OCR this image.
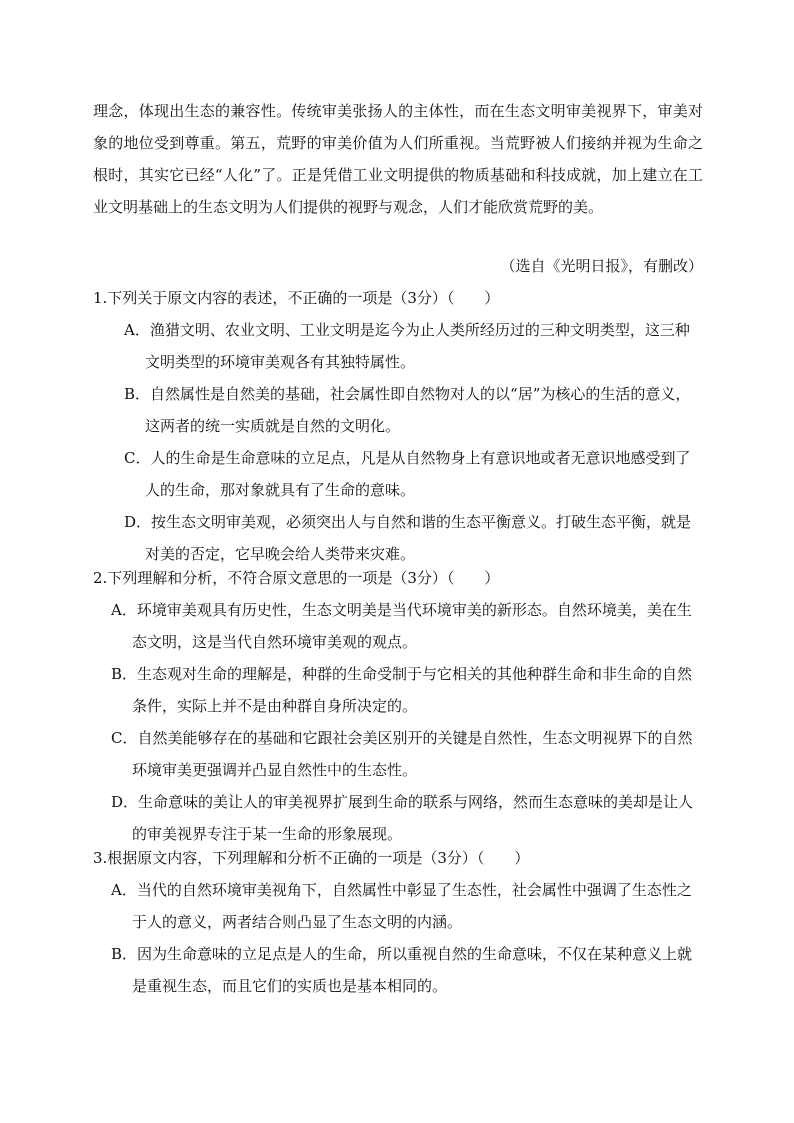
理念，体现出生态的兼容性。传统审美张扬人的主体性，而在生态文明审美视界下，审美对象的地位受到尊重。第五，荒野的审美价值为人们所重视。当荒野被人们接纳并视为生命之根时，其实它已经“人化”了。正是凭借工业文明提供的物质基础和科技成就，加上建立在工业文明基础上的生态文明为人们提供的视野与观念，人们才能欣赏荒野的美。

（选自《光明日报》，有删改）

1.下列关于原文内容的表述，不正确的一项是（3分）（　　）

A．渔猎文明、农业文明、工业文明是迄今为止人类所经历过的三种文明类型，这三种文明类型的环境审美观各有其独特属性。

B．自然属性是自然美的基础，社会属性即自然物对人的以“居”为核心的生活的意义，这两者的统一实质就是自然的文明化。

C．人的生命是生命意味的立足点，凡是从自然物身上有意识地或者无意识地感受到了人的生命，那对象就具有了生命的意味。

D．按生态文明审美观，必须突出人与自然和谐的生态平衡意义。打破生态平衡，就是对美的否定，它早晚会给人类带来灾难。

2.下列理解和分析，不符合原文意思的一项是（3分）（　　）

A．环境审美观具有历史性，生态文明美是当代环境审美的新形态。自然环境美，美在生态文明，这是当代自然环境审美观的观点。

B．生态观对生命的理解是，种群的生命受制于与它相关的其他种群生命和非生命的自然条件，实际上并不是由种群自身所决定的。

C．自然美能够存在的基础和它跟社会美区别开的关键是自然性，生态文明视界下的自然环境审美更强调并凸显自然性中的生态性。

D．生命意味的美让人的审美视界扩展到生命的联系与网络，然而生态意味的美却是让人的审美视界专注于某一生命的形象展现。

3.根据原文内容，下列理解和分析不正确的一项是（3分）（　　）

A．当代的自然环境审美视角下，自然属性中彰显了生态性，社会属性中强调了生态性之于人的意义，两者结合则凸显了生态文明的内涵。

B．因为生命意味的立足点是人的生命，所以重视自然的生命意味，不仅在某种意义上就是重视生态，而且它们的实质也是基本相同的。
